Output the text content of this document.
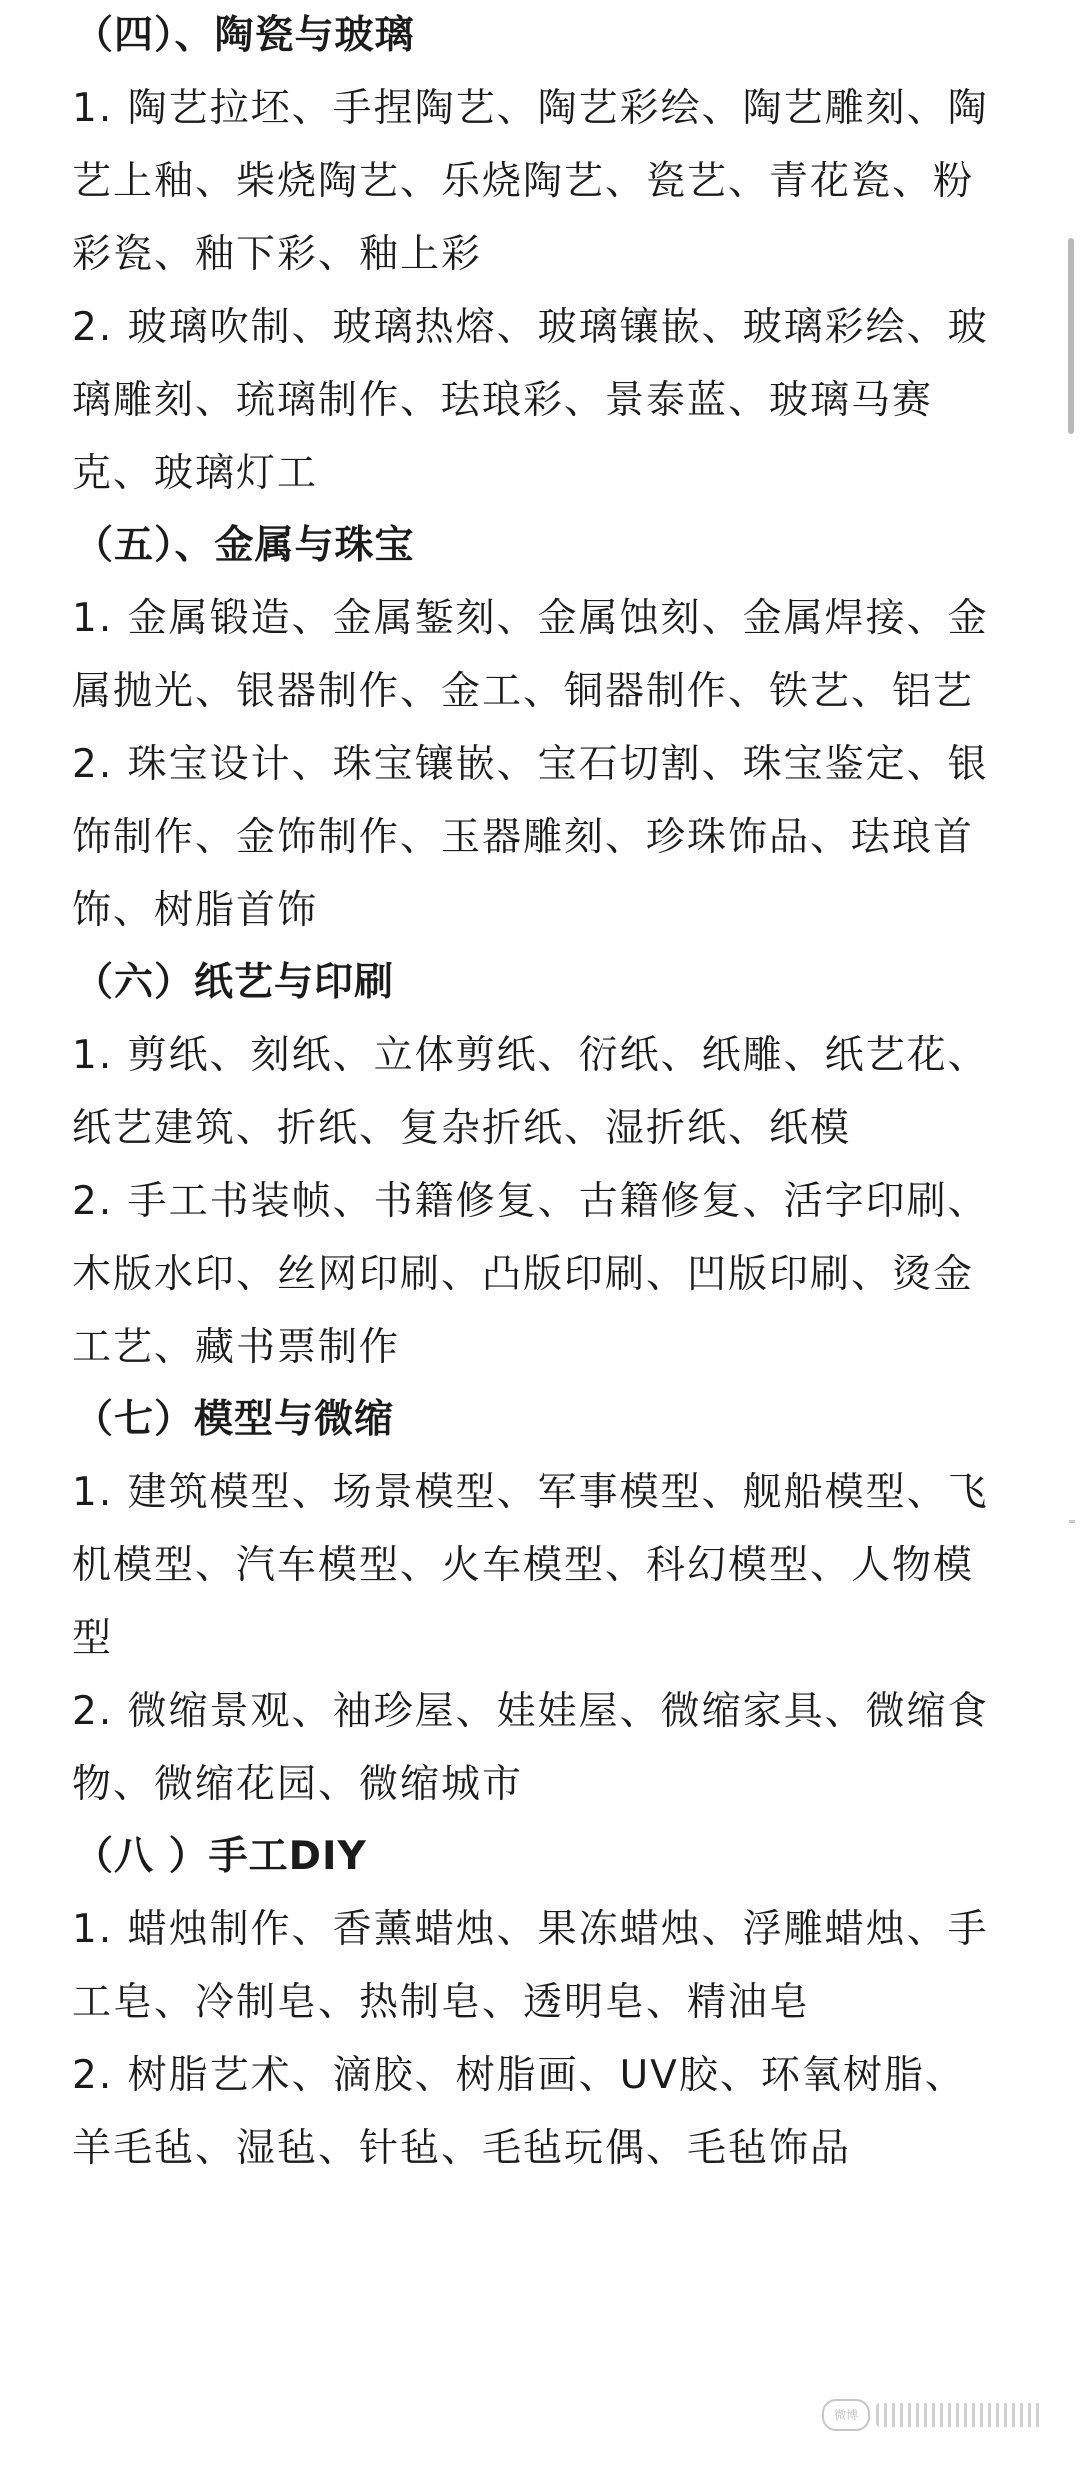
（四）、陶瓷与玻璃

1. 陶艺拉坯、手捏陶艺、陶艺彩绘、陶艺雕刻、陶艺上釉、柴烧陶艺、乐烧陶艺、瓷艺、青花瓷、粉彩瓷、釉下彩、釉上彩

2. 玻璃吹制、玻璃热熔、玻璃镶嵌、玻璃彩绘、玻璃雕刻、琉璃制作、珐琅彩、景泰蓝、玻璃马赛克、玻璃灯工

（五）、金属与珠宝

1. 金属锻造、金属錾刻、金属蚀刻、金属焊接、金属抛光、银器制作、金工、铜器制作、铁艺、铝艺

2. 珠宝设计、珠宝镶嵌、宝石切割、珠宝鉴定、银饰制作、金饰制作、玉器雕刻、珍珠饰品、珐琅首饰、树脂首饰

（六）纸艺与印刷

1. 剪纸、刻纸、立体剪纸、衍纸、纸雕、纸艺花、纸艺建筑、折纸、复杂折纸、湿折纸、纸模

2. 手工书装帧、书籍修复、古籍修复、活字印刷、木版水印、丝网印刷、凸版印刷、凹版印刷、烫金工艺、藏书票制作

（七）模型与微缩

1. 建筑模型、场景模型、军事模型、舰船模型、飞机模型、汽车模型、火车模型、科幻模型、人物模型

2. 微缩景观、袖珍屋、娃娃屋、微缩家具、微缩食物、微缩花园、微缩城市

（八 ）手工DIY

1. 蜡烛制作、香薰蜡烛、果冻蜡烛、浮雕蜡烛、手工皂、冷制皂、热制皂、透明皂、精油皂

2. 树脂艺术、滴胶、树脂画、UV胶、环氧树脂、羊毛毡、湿毡、针毡、毛毡玩偶、毛毡饰品

微博
